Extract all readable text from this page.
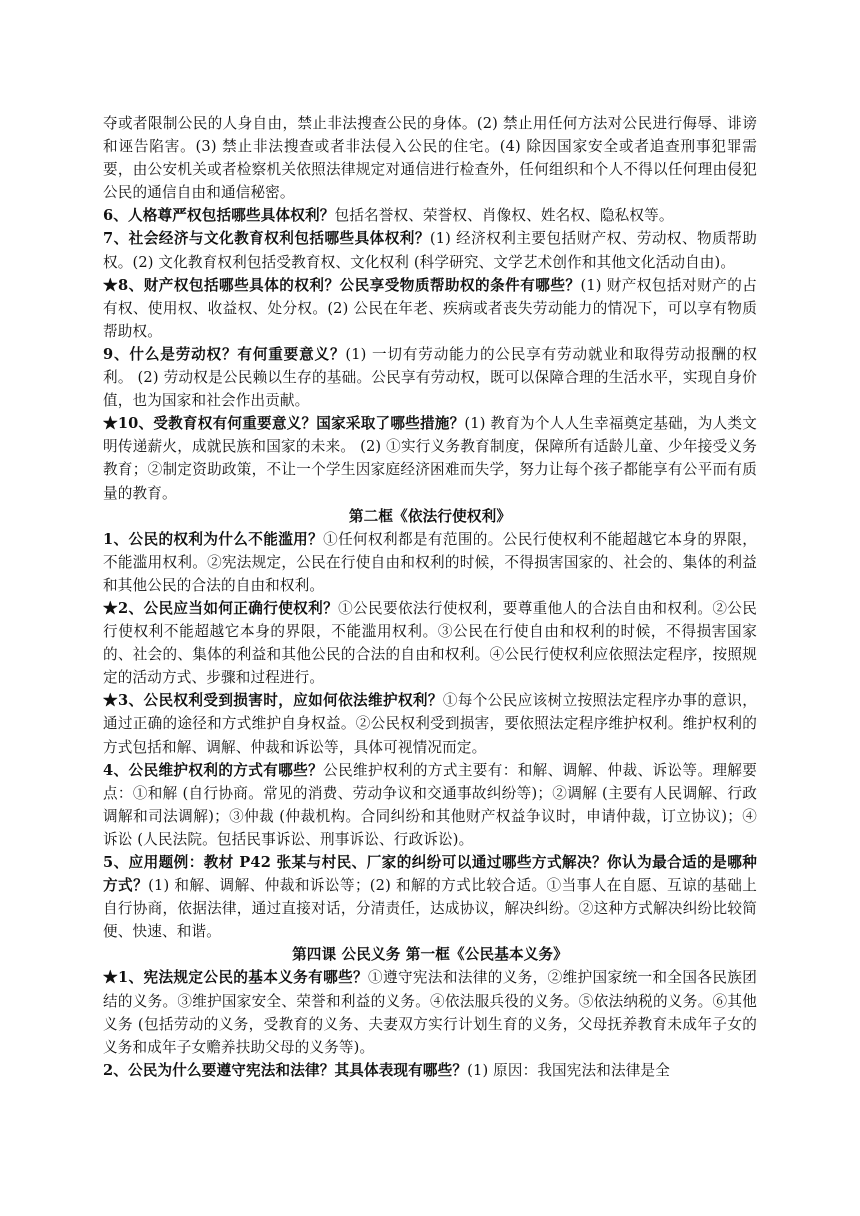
夺或者限制公民的人身自由，禁止非法搜查公民的身体。(2) 禁止用任何方法对公民进行侮辱、诽谤和诬告陷害。(3) 禁止非法搜查或者非法侵入公民的住宅。(4) 除因国家安全或者追查刑事犯罪需要，由公安机关或者检察机关依照法律规定对通信进行检查外，任何组织和个人不得以任何理由侵犯公民的通信自由和通信秘密。

6、人格尊严权包括哪些具体权利？包括名誉权、荣誉权、肖像权、姓名权、隐私权等。

7、社会经济与文化教育权利包括哪些具体权利？(1) 经济权利主要包括财产权、劳动权、物质帮助权。(2) 文化教育权利包括受教育权、文化权利 (科学研究、文学艺术创作和其他文化活动自由)。

★8、财产权包括哪些具体的权利？公民享受物质帮助权的条件有哪些？(1) 财产权包括对财产的占有权、使用权、收益权、处分权。(2) 公民在年老、疾病或者丧失劳动能力的情况下，可以享有物质帮助权。

9、什么是劳动权？有何重要意义？(1) 一切有劳动能力的公民享有劳动就业和取得劳动报酬的权利。 (2) 劳动权是公民赖以生存的基础。公民享有劳动权，既可以保障合理的生活水平，实现自身价值，也为国家和社会作出贡献。

★10、受教育权有何重要意义？国家采取了哪些措施？(1) 教育为个人人生幸福奠定基础，为人类文明传递薪火，成就民族和国家的未来。 (2) ①实行义务教育制度，保障所有适龄儿童、少年接受义务教育；②制定资助政策，不让一个学生因家庭经济困难而失学，努力让每个孩子都能享有公平而有质量的教育。

第二框《依法行使权利》

1、公民的权利为什么不能滥用？①任何权利都是有范围的。公民行使权利不能超越它本身的界限，不能滥用权利。②宪法规定，公民在行使自由和权利的时候，不得损害国家的、社会的、集体的利益和其他公民的合法的自由和权利。

★2、公民应当如何正确行使权利？①公民要依法行使权利，要尊重他人的合法自由和权利。②公民行使权利不能超越它本身的界限，不能滥用权利。③公民在行使自由和权利的时候，不得损害国家的、社会的、集体的利益和其他公民的合法的自由和权利。④公民行使权利应依照法定程序，按照规定的活动方式、步骤和过程进行。

★3、公民权利受到损害时，应如何依法维护权利？①每个公民应该树立按照法定程序办事的意识，通过正确的途径和方式维护自身权益。②公民权利受到损害，要依照法定程序维护权利。维护权利的方式包括和解、调解、仲裁和诉讼等，具体可视情况而定。

4、公民维护权利的方式有哪些？公民维护权利的方式主要有：和解、调解、仲裁、诉讼等。理解要点：①和解 (自行协商。常见的消费、劳动争议和交通事故纠纷等)；②调解 (主要有人民调解、行政调解和司法调解)；③仲裁 (仲裁机构。合同纠纷和其他财产权益争议时，申请仲裁，订立协议)；④诉讼 (人民法院。包括民事诉讼、刑事诉讼、行政诉讼)。

5、应用题例：教材 P42 张某与村民、厂家的纠纷可以通过哪些方式解决？你认为最合适的是哪种方式？(1) 和解、调解、仲裁和诉讼等；(2) 和解的方式比较合适。①当事人在自愿、互谅的基础上自行协商，依据法律，通过直接对话，分清责任，达成协议，解决纠纷。②这种方式解决纠纷比较简便、快速、和谐。

第四课 公民义务 第一框《公民基本义务》

★1、宪法规定公民的基本义务有哪些？①遵守宪法和法律的义务，②维护国家统一和全国各民族团结的义务。③维护国家安全、荣誉和利益的义务。④依法服兵役的义务。⑤依法纳税的义务。⑥其他义务 (包括劳动的义务，受教育的义务、夫妻双方实行计划生育的义务，父母抚养教育未成年子女的义务和成年子女赡养扶助父母的义务等)。

2、公民为什么要遵守宪法和法律？其具体表现有哪些？(1) 原因：我国宪法和法律是全
